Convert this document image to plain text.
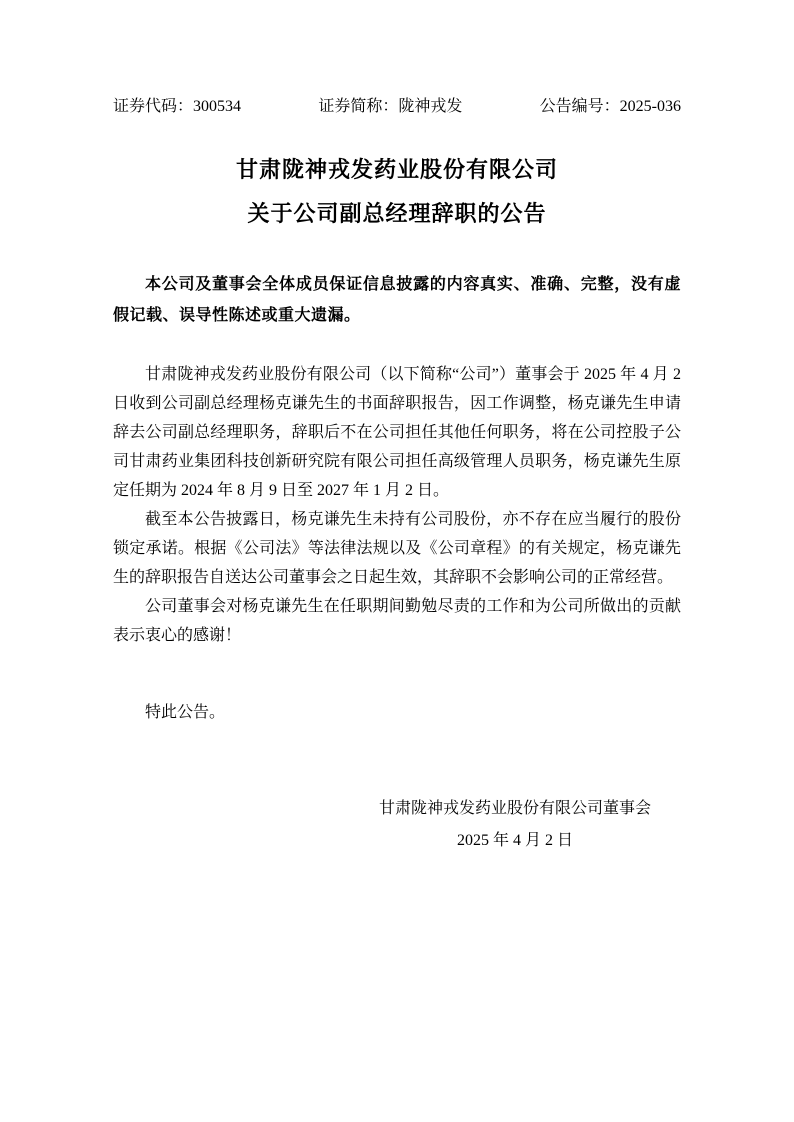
证券代码：300534	证券简称：陇神戎发	公告编号：2025-036
甘肃陇神戎发药业股份有限公司
关于公司副总经理辞职的公告

本公司及董事会全体成员保证信息披露的内容真实、准确、完整，没有虚假记载、误导性陈述或重大遗漏。

甘肃陇神戎发药业股份有限公司（以下简称“公司”）董事会于 2025 年 4 月 2 日收到公司副总经理杨克谦先生的书面辞职报告，因工作调整，杨克谦先生申请辞去公司副总经理职务，辞职后不在公司担任其他任何职务，将在公司控股子公司甘肃药业集团科技创新研究院有限公司担任高级管理人员职务，杨克谦先生原定任期为 2024 年 8 月 9 日至 2027 年 1 月 2 日。

截至本公告披露日，杨克谦先生未持有公司股份，亦不存在应当履行的股份锁定承诺。根据《公司法》等法律法规以及《公司章程》的有关规定，杨克谦先生的辞职报告自送达公司董事会之日起生效，其辞职不会影响公司的正常经营。

公司董事会对杨克谦先生在任职期间勤勉尽责的工作和为公司所做出的贡献表示衷心的感谢！

特此公告。

甘肃陇神戎发药业股份有限公司董事会
2025 年 4 月 2 日
